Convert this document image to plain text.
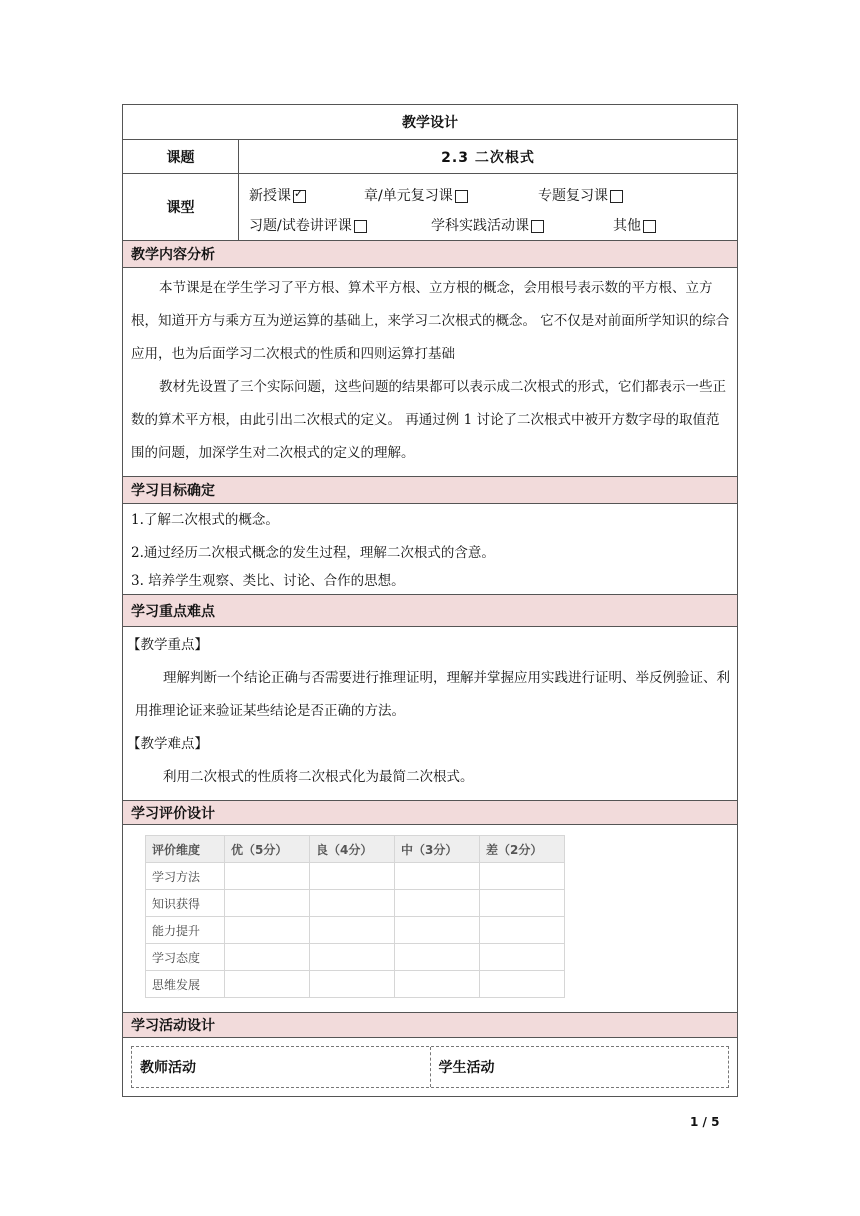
教学设计
课题	2.3 二次根式
课型
新授课 ✓	章/单元复习课	专题复习课
习题/试卷讲评课	学科实践活动课	其他
教学内容分析
本节课是在学生学习了平方根、算术平方根、立方根的概念，会用根号表示数的平方根、立方根，知道开方与乘方互为逆运算的基础上，来学习二次根式的概念。 它不仅是对前面所学知识的综合应用，也为后面学习二次根式的性质和四则运算打基础
教材先设置了三个实际问题，这些问题的结果都可以表示成二次根式的形式，它们都表示一些正数的算术平方根，由此引出二次根式的定义。 再通过例 1 讨论了二次根式中被开方数字母的取值范围的问题，加深学生对二次根式的定义的理解。
学习目标确定
1.了解二次根式的概念。
2.通过经历二次根式概念的发生过程，理解二次根式的含意。
3. 培养学生观察、类比、讨论、合作的思想。
学习重点难点
【教学重点】
理解判断一个结论正确与否需要进行推理证明，理解并掌握应用实践进行证明、举反例验证、利用推理论证来验证某些结论是否正确的方法。
【教学难点】
利用二次根式的性质将二次根式化为最简二次根式。
学习评价设计
评价维度	优（5分）	良（4分）	中（3分）	差（2分）
学习方法				
知识获得				
能力提升				
学习态度				
思维发展				
学习活动设计
教师活动	学生活动
1 / 5
